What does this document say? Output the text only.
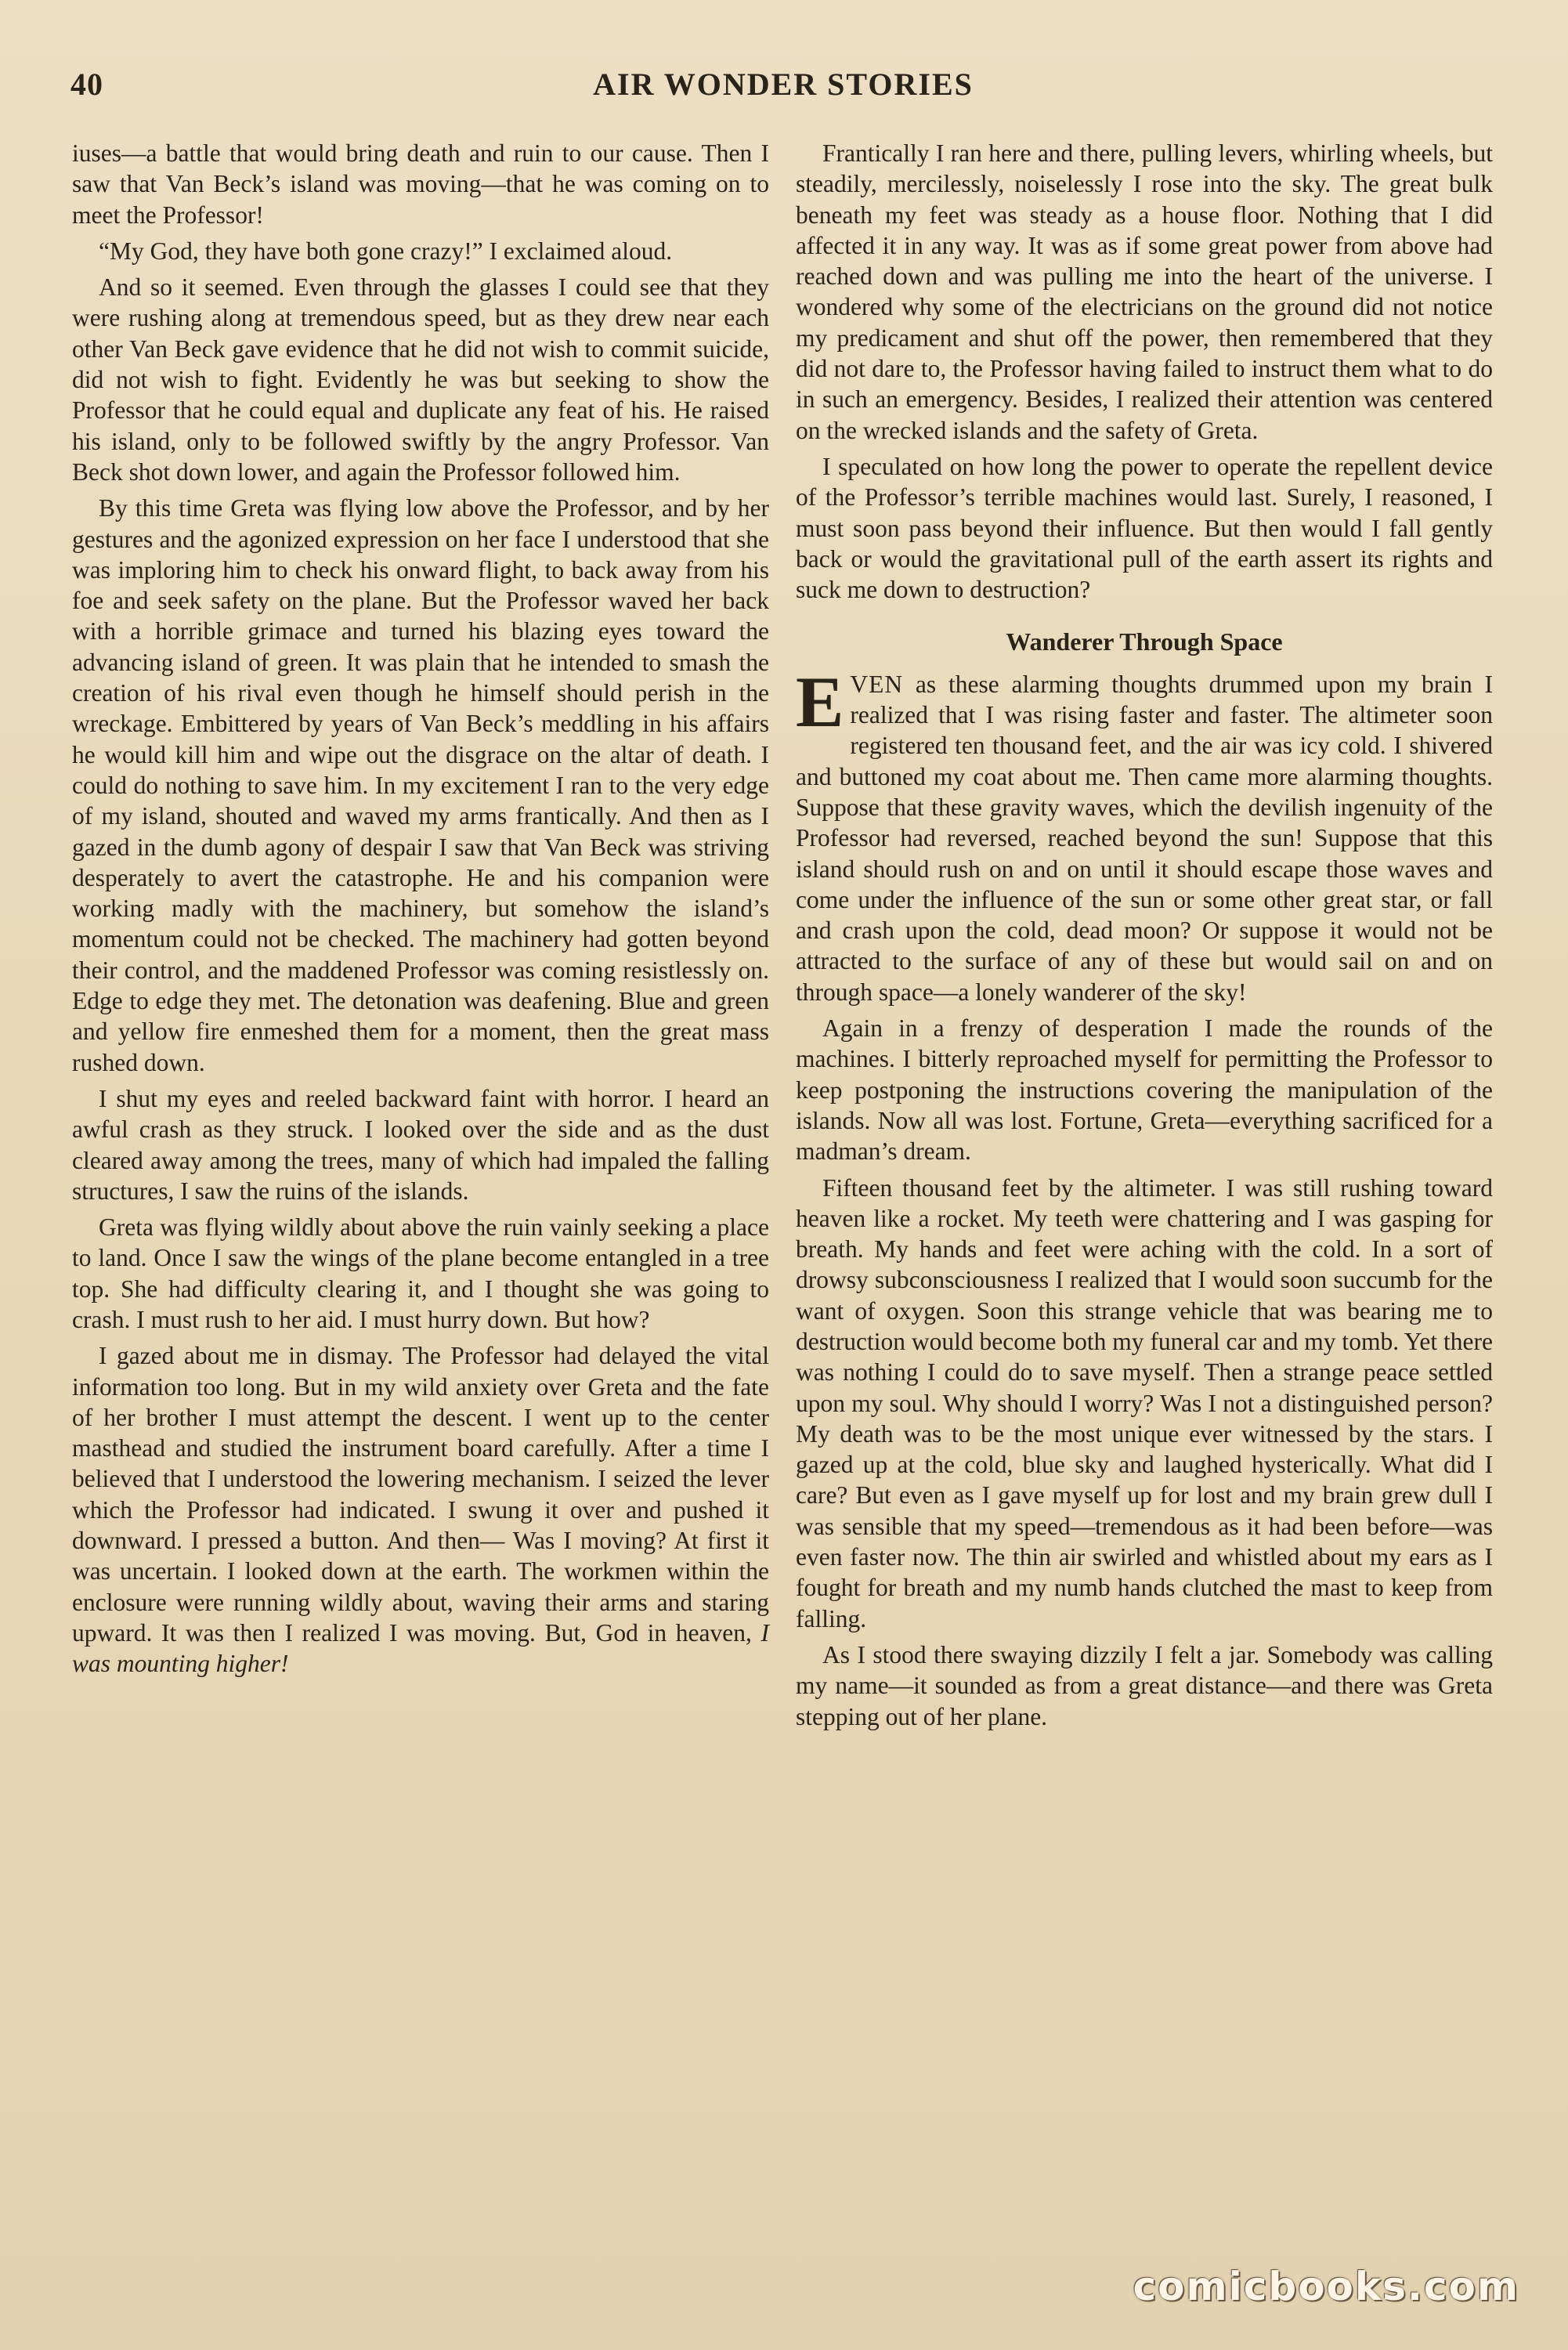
40	AIR WONDER STORIES

iuses—a battle that would bring death and ruin to our cause. Then I saw that Van Beck’s island was moving—that he was coming on to meet the Professor!

“My God, they have both gone crazy!” I exclaimed aloud.

And so it seemed. Even through the glasses I could see that they were rushing along at tremendous speed, but as they drew near each other Van Beck gave evidence that he did not wish to commit suicide, did not wish to fight. Evidently he was but seeking to show the Professor that he could equal and duplicate any feat of his. He raised his island, only to be followed swiftly by the angry Professor. Van Beck shot down lower, and again the Professor followed him.

By this time Greta was flying low above the Professor, and by her gestures and the agonized expression on her face I understood that she was imploring him to check his onward flight, to back away from his foe and seek safety on the plane. But the Professor waved her back with a horrible grimace and turned his blazing eyes toward the advancing island of green. It was plain that he intended to smash the creation of his rival even though he himself should perish in the wreckage. Embittered by years of Van Beck’s meddling in his affairs he would kill him and wipe out the disgrace on the altar of death. I could do nothing to save him. In my excitement I ran to the very edge of my island, shouted and waved my arms frantically. And then as I gazed in the dumb agony of despair I saw that Van Beck was striving desperately to avert the catastrophe. He and his companion were working madly with the machinery, but somehow the island’s momentum could not be checked. The machinery had gotten beyond their control, and the maddened Professor was coming resistlessly on. Edge to edge they met. The detonation was deafening. Blue and green and yellow fire enmeshed them for a moment, then the great mass rushed down.

I shut my eyes and reeled backward faint with horror. I heard an awful crash as they struck. I looked over the side and as the dust cleared away among the trees, many of which had impaled the falling structures, I saw the ruins of the islands.

Greta was flying wildly about above the ruin vainly seeking a place to land. Once I saw the wings of the plane become entangled in a tree top. She had difficulty clearing it, and I thought she was going to crash. I must rush to her aid. I must hurry down. But how?

I gazed about me in dismay. The Professor had delayed the vital information too long. But in my wild anxiety over Greta and the fate of her brother I must attempt the descent. I went up to the center masthead and studied the instrument board carefully. After a time I believed that I understood the lowering mechanism. I seized the lever which the Professor had indicated. I swung it over and pushed it downward. I pressed a button. And then— Was I moving? At first it was uncertain. I looked down at the earth. The workmen within the enclosure were running wildly about, waving their arms and staring upward. It was then I realized I was moving. But, God in heaven, I was mounting higher!

Frantically I ran here and there, pulling levers, whirling wheels, but steadily, mercilessly, noiselessly I rose into the sky. The great bulk beneath my feet was steady as a house floor. Nothing that I did affected it in any way. It was as if some great power from above had reached down and was pulling me into the heart of the universe. I wondered why some of the electricians on the ground did not notice my predicament and shut off the power, then remembered that they did not dare to, the Professor having failed to instruct them what to do in such an emergency. Besides, I realized their attention was centered on the wrecked islands and the safety of Greta.

I speculated on how long the power to operate the repellent device of the Professor’s terrible machines would last. Surely, I reasoned, I must soon pass beyond their influence. But then would I fall gently back or would the gravitational pull of the earth assert its rights and suck me down to destruction?

Wanderer Through Space

EVEN as these alarming thoughts drummed upon my brain I realized that I was rising faster and faster. The altimeter soon registered ten thousand feet, and the air was icy cold. I shivered and buttoned my coat about me. Then came more alarming thoughts. Suppose that these gravity waves, which the devilish ingenuity of the Professor had reversed, reached beyond the sun! Suppose that this island should rush on and on until it should escape those waves and come under the influence of the sun or some other great star, or fall and crash upon the cold, dead moon? Or suppose it would not be attracted to the surface of any of these but would sail on and on through space—a lonely wanderer of the sky!

Again in a frenzy of desperation I made the rounds of the machines. I bitterly reproached myself for permitting the Professor to keep postponing the instructions covering the manipulation of the islands. Now all was lost. Fortune, Greta—everything sacrificed for a madman’s dream.

Fifteen thousand feet by the altimeter. I was still rushing toward heaven like a rocket. My teeth were chattering and I was gasping for breath. My hands and feet were aching with the cold. In a sort of drowsy subconsciousness I realized that I would soon succumb for the want of oxygen. Soon this strange vehicle that was bearing me to destruction would become both my funeral car and my tomb. Yet there was nothing I could do to save myself. Then a strange peace settled upon my soul. Why should I worry? Was I not a distinguished person? My death was to be the most unique ever witnessed by the stars. I gazed up at the cold, blue sky and laughed hysterically. What did I care? But even as I gave myself up for lost and my brain grew dull I was sensible that my speed—tremendous as it had been before—was even faster now. The thin air swirled and whistled about my ears as I fought for breath and my numb hands clutched the mast to keep from falling.

As I stood there swaying dizzily I felt a jar. Somebody was calling my name—it sounded as from a great distance—and there was Greta stepping out of her plane.

comicbooks.com
